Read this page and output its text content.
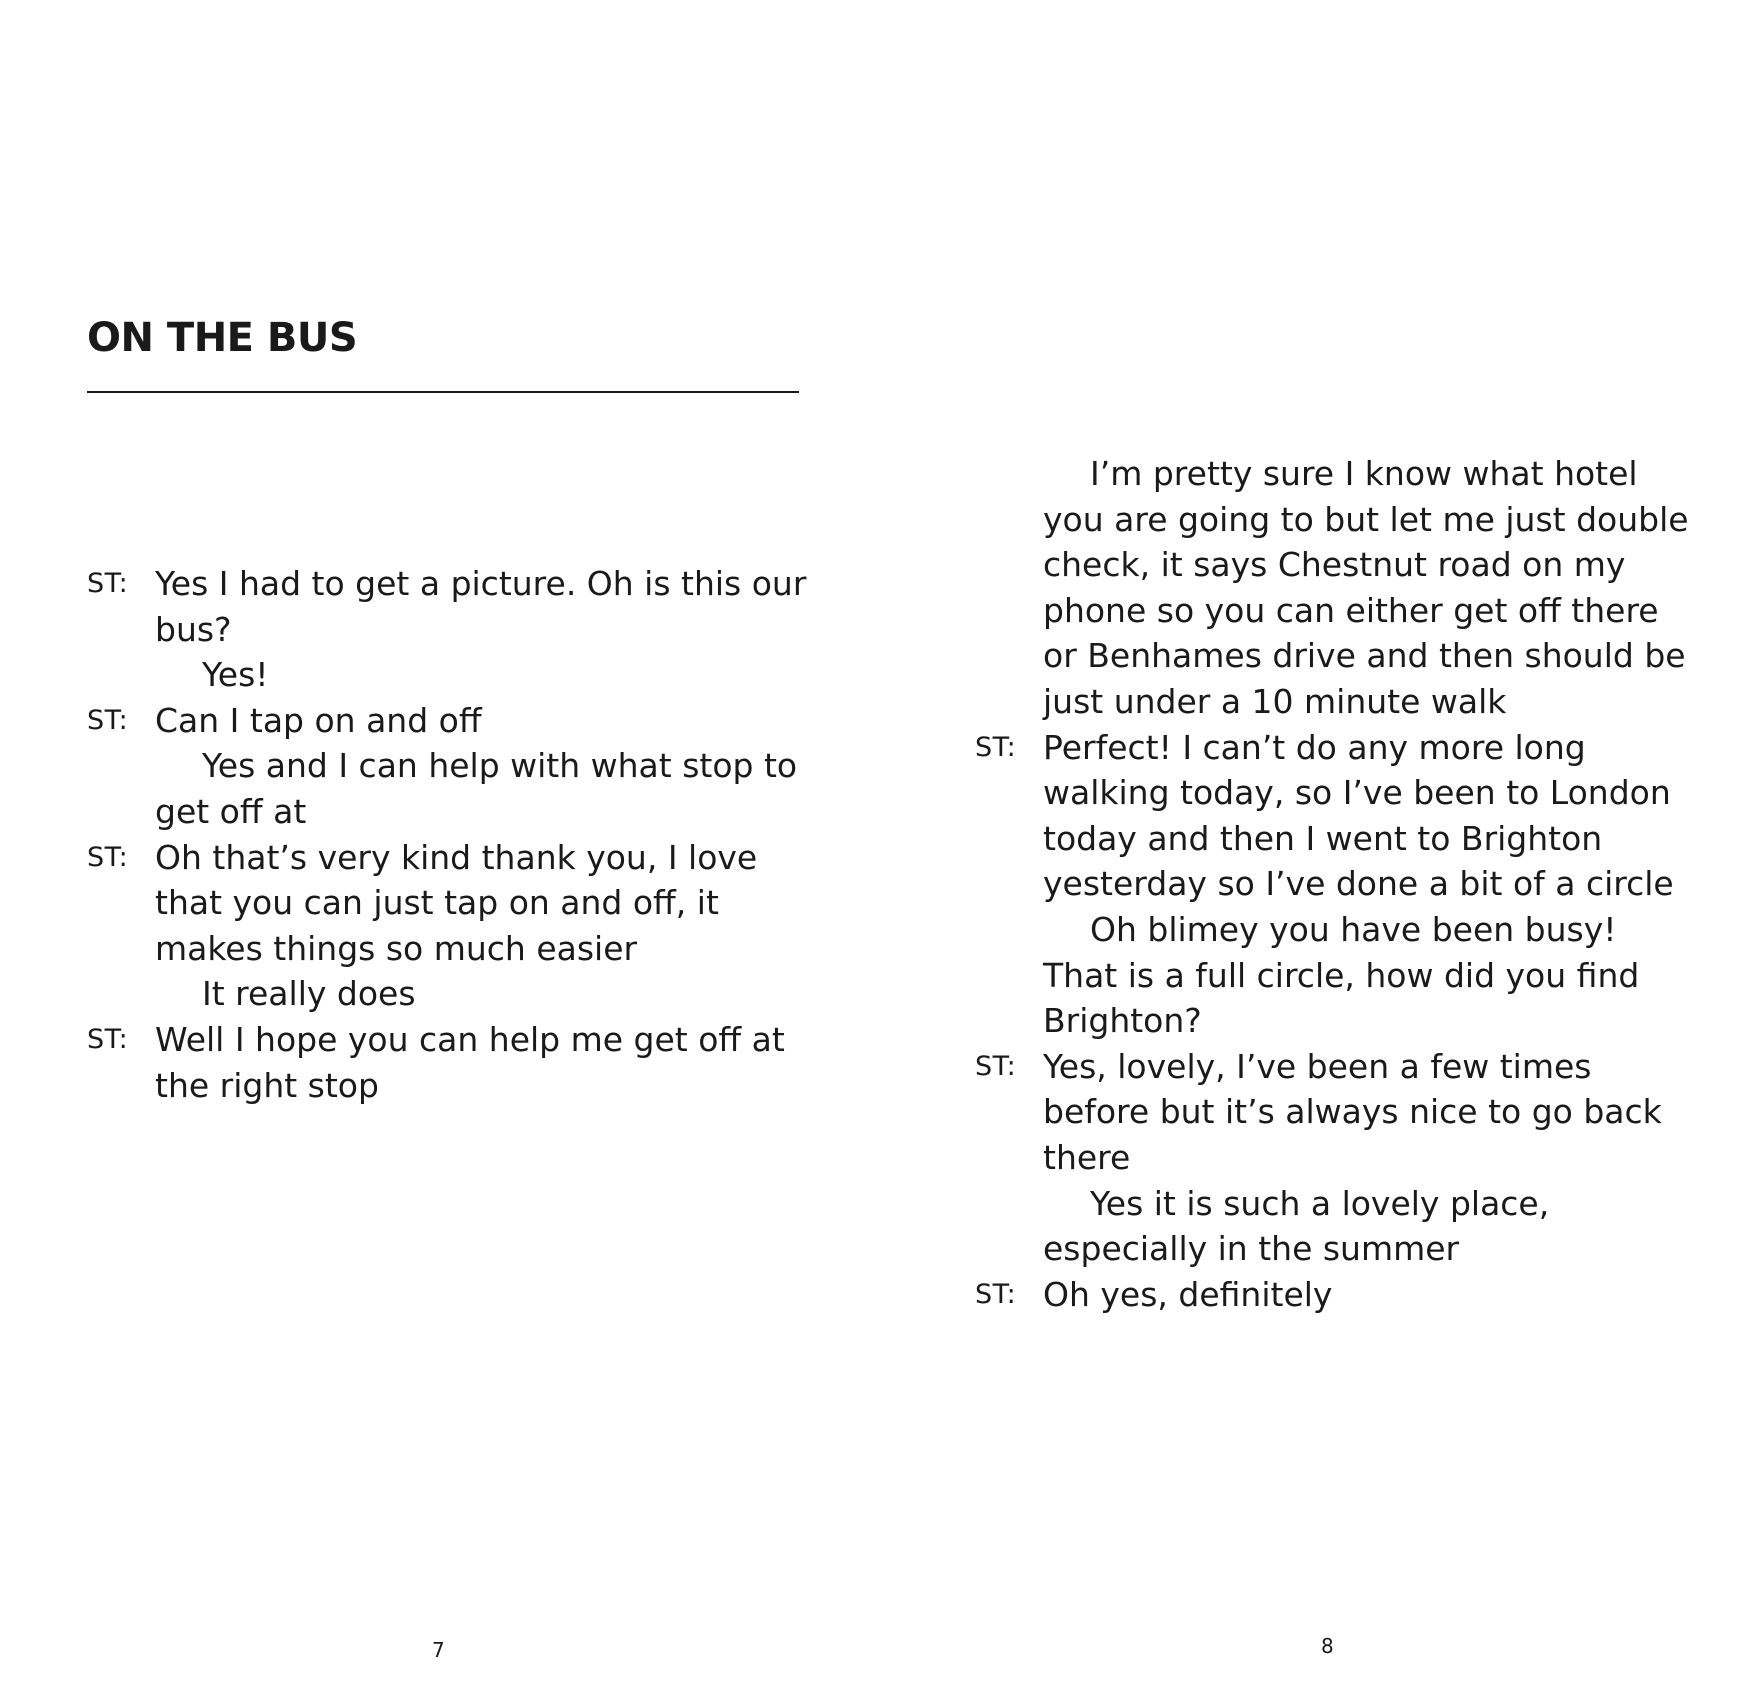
ON THE BUS
ST: Yes I had to get a picture. Oh is this our bus?
Yes!
ST: Can I tap on and off
Yes and I can help with what stop to get off at
ST: Oh that’s very kind thank you, I love that you can just tap on and off, it makes things so much easier
It really does
ST: Well I hope you can help me get off at the right stop
7
I’m pretty sure I know what hotel you are going to but let me just double check, it says Chestnut road on my phone so you can either get off there or Benhames drive and then should be just under a 10 minute walk
ST: Perfect! I can’t do any more long walking today, so I’ve been to London today and then I went to Brighton yesterday so I’ve done a bit of a circle
Oh blimey you have been busy! That is a full circle, how did you find Brighton?
ST: Yes, lovely, I’ve been a few times before but it’s always nice to go back there
Yes it is such a lovely place, especially in the summer
ST: Oh yes, definitely
8
